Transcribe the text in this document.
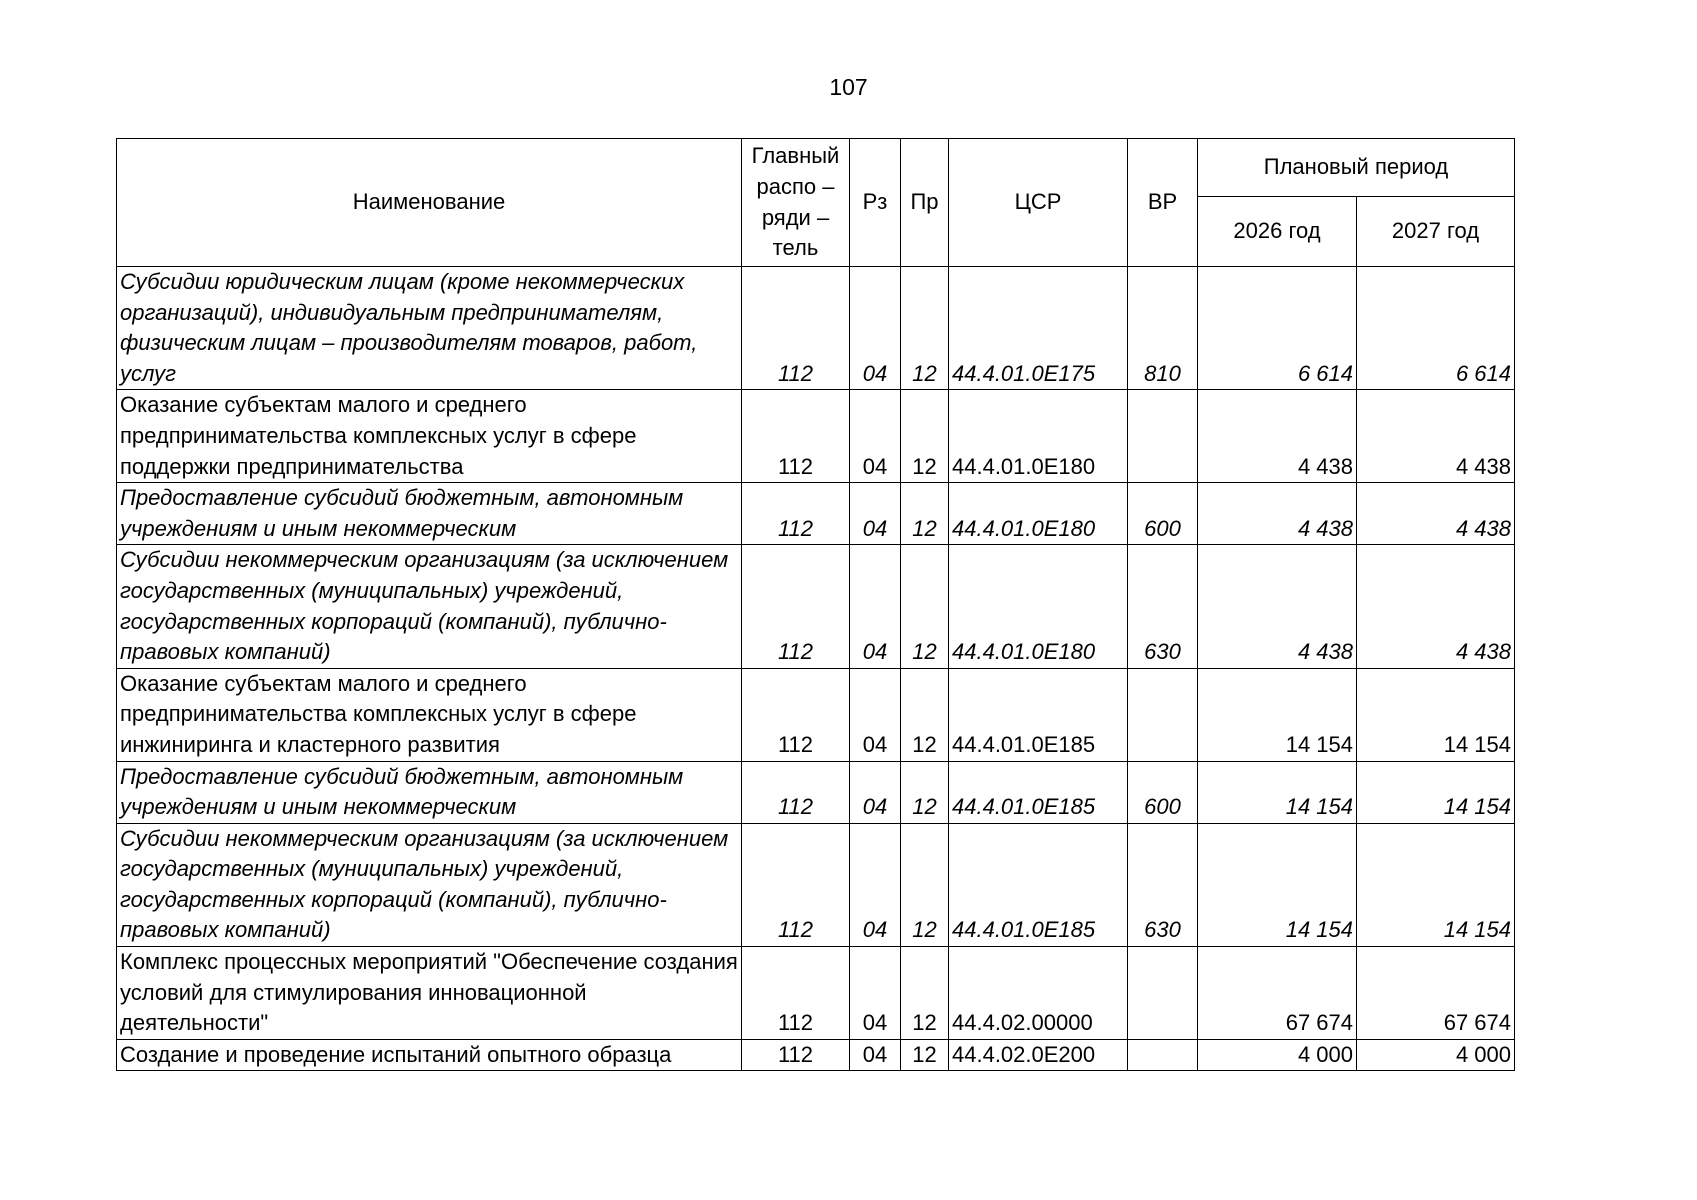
107
Наименование	Главный распо – ряди – тель	Рз	Пр	ЦСР	ВР	Плановый период	
						2026 год	2027 год
Субсидии юридическим лицам (кроме некоммерческих организаций), индивидуальным предпринимателям, физическим лицам – производителям товаров, работ, услуг	112	04	12	44.4.01.0Е175	810	6 614	6 614
Оказание субъектам малого и среднего предпринимательства комплексных услуг в сфере поддержки предпринимательства	112	04	12	44.4.01.0Е180		4 438	4 438
Предоставление субсидий бюджетным, автономным учреждениям и иным некоммерческим	112	04	12	44.4.01.0Е180	600	4 438	4 438
Субсидии некоммерческим организациям (за исключением государственных (муниципальных) учреждений, государственных корпораций (компаний), публично-правовых компаний)	112	04	12	44.4.01.0Е180	630	4 438	4 438
Оказание субъектам малого и среднего предпринимательства комплексных услуг в сфере инжиниринга и кластерного развития	112	04	12	44.4.01.0Е185		14 154	14 154
Предоставление субсидий бюджетным, автономным учреждениям и иным некоммерческим	112	04	12	44.4.01.0Е185	600	14 154	14 154
Субсидии некоммерческим организациям (за исключением государственных (муниципальных) учреждений, государственных корпораций (компаний), публично-правовых компаний)	112	04	12	44.4.01.0Е185	630	14 154	14 154
Комплекс процессных мероприятий "Обеспечение создания условий для стимулирования инновационной деятельности"	112	04	12	44.4.02.00000		67 674	67 674
Создание и проведение испытаний опытного образца	112	04	12	44.4.02.0Е200		4 000	4 000
